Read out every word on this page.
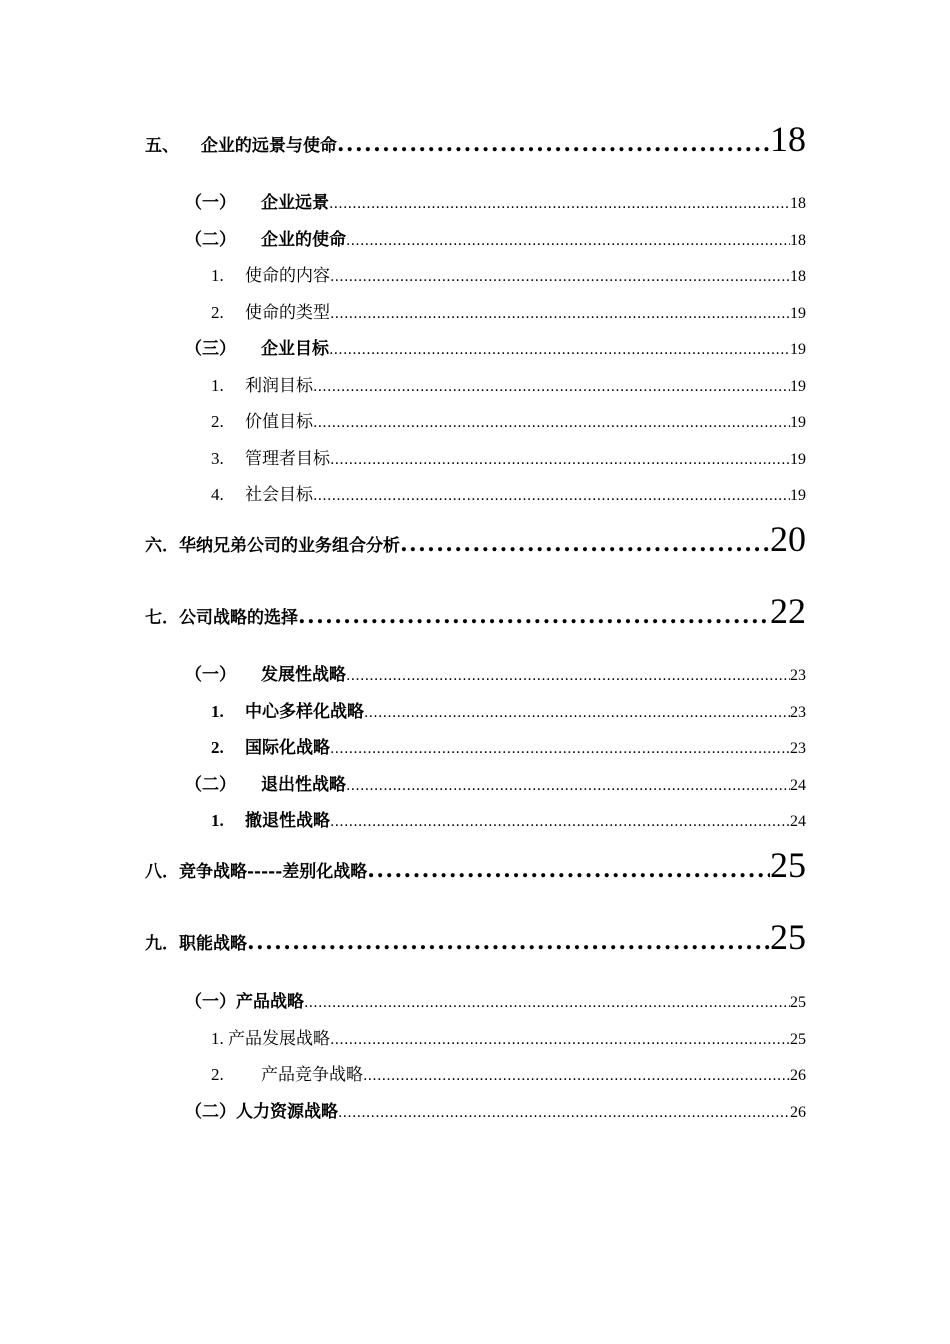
五、 企业的远景与使命 .....	18
（一）	企业远景 .....	18
（二）	企业的使命 .....	18
1.	使命的内容 .....	18
2.	使命的类型 .....	19
（三）	企业目标 .....	19
1.	利润目标 .....	19
2.	价值目标 .....	19
3.	管理者目标 .....	19
4.	社会目标 .....	19
六． 华纳兄弟公司的业务组合分析 .....	20
七． 公司战略的选择 .....	22
（一）	发展性战略 .....	23
1.	中心多样化战略 .....	23
2.	国际化战略 .....	23
（二）	退出性战略 .....	24
1.	撤退性战略 .....	24
八． 竞争战略-----差别化战略 .....	25
九． 职能战略 .....	25
（一） 产品战略 .....	25
1. 产品发展战略 .....	25
2.	产品竞争战略 .....	26
（二） 人力资源战略 .....	26
